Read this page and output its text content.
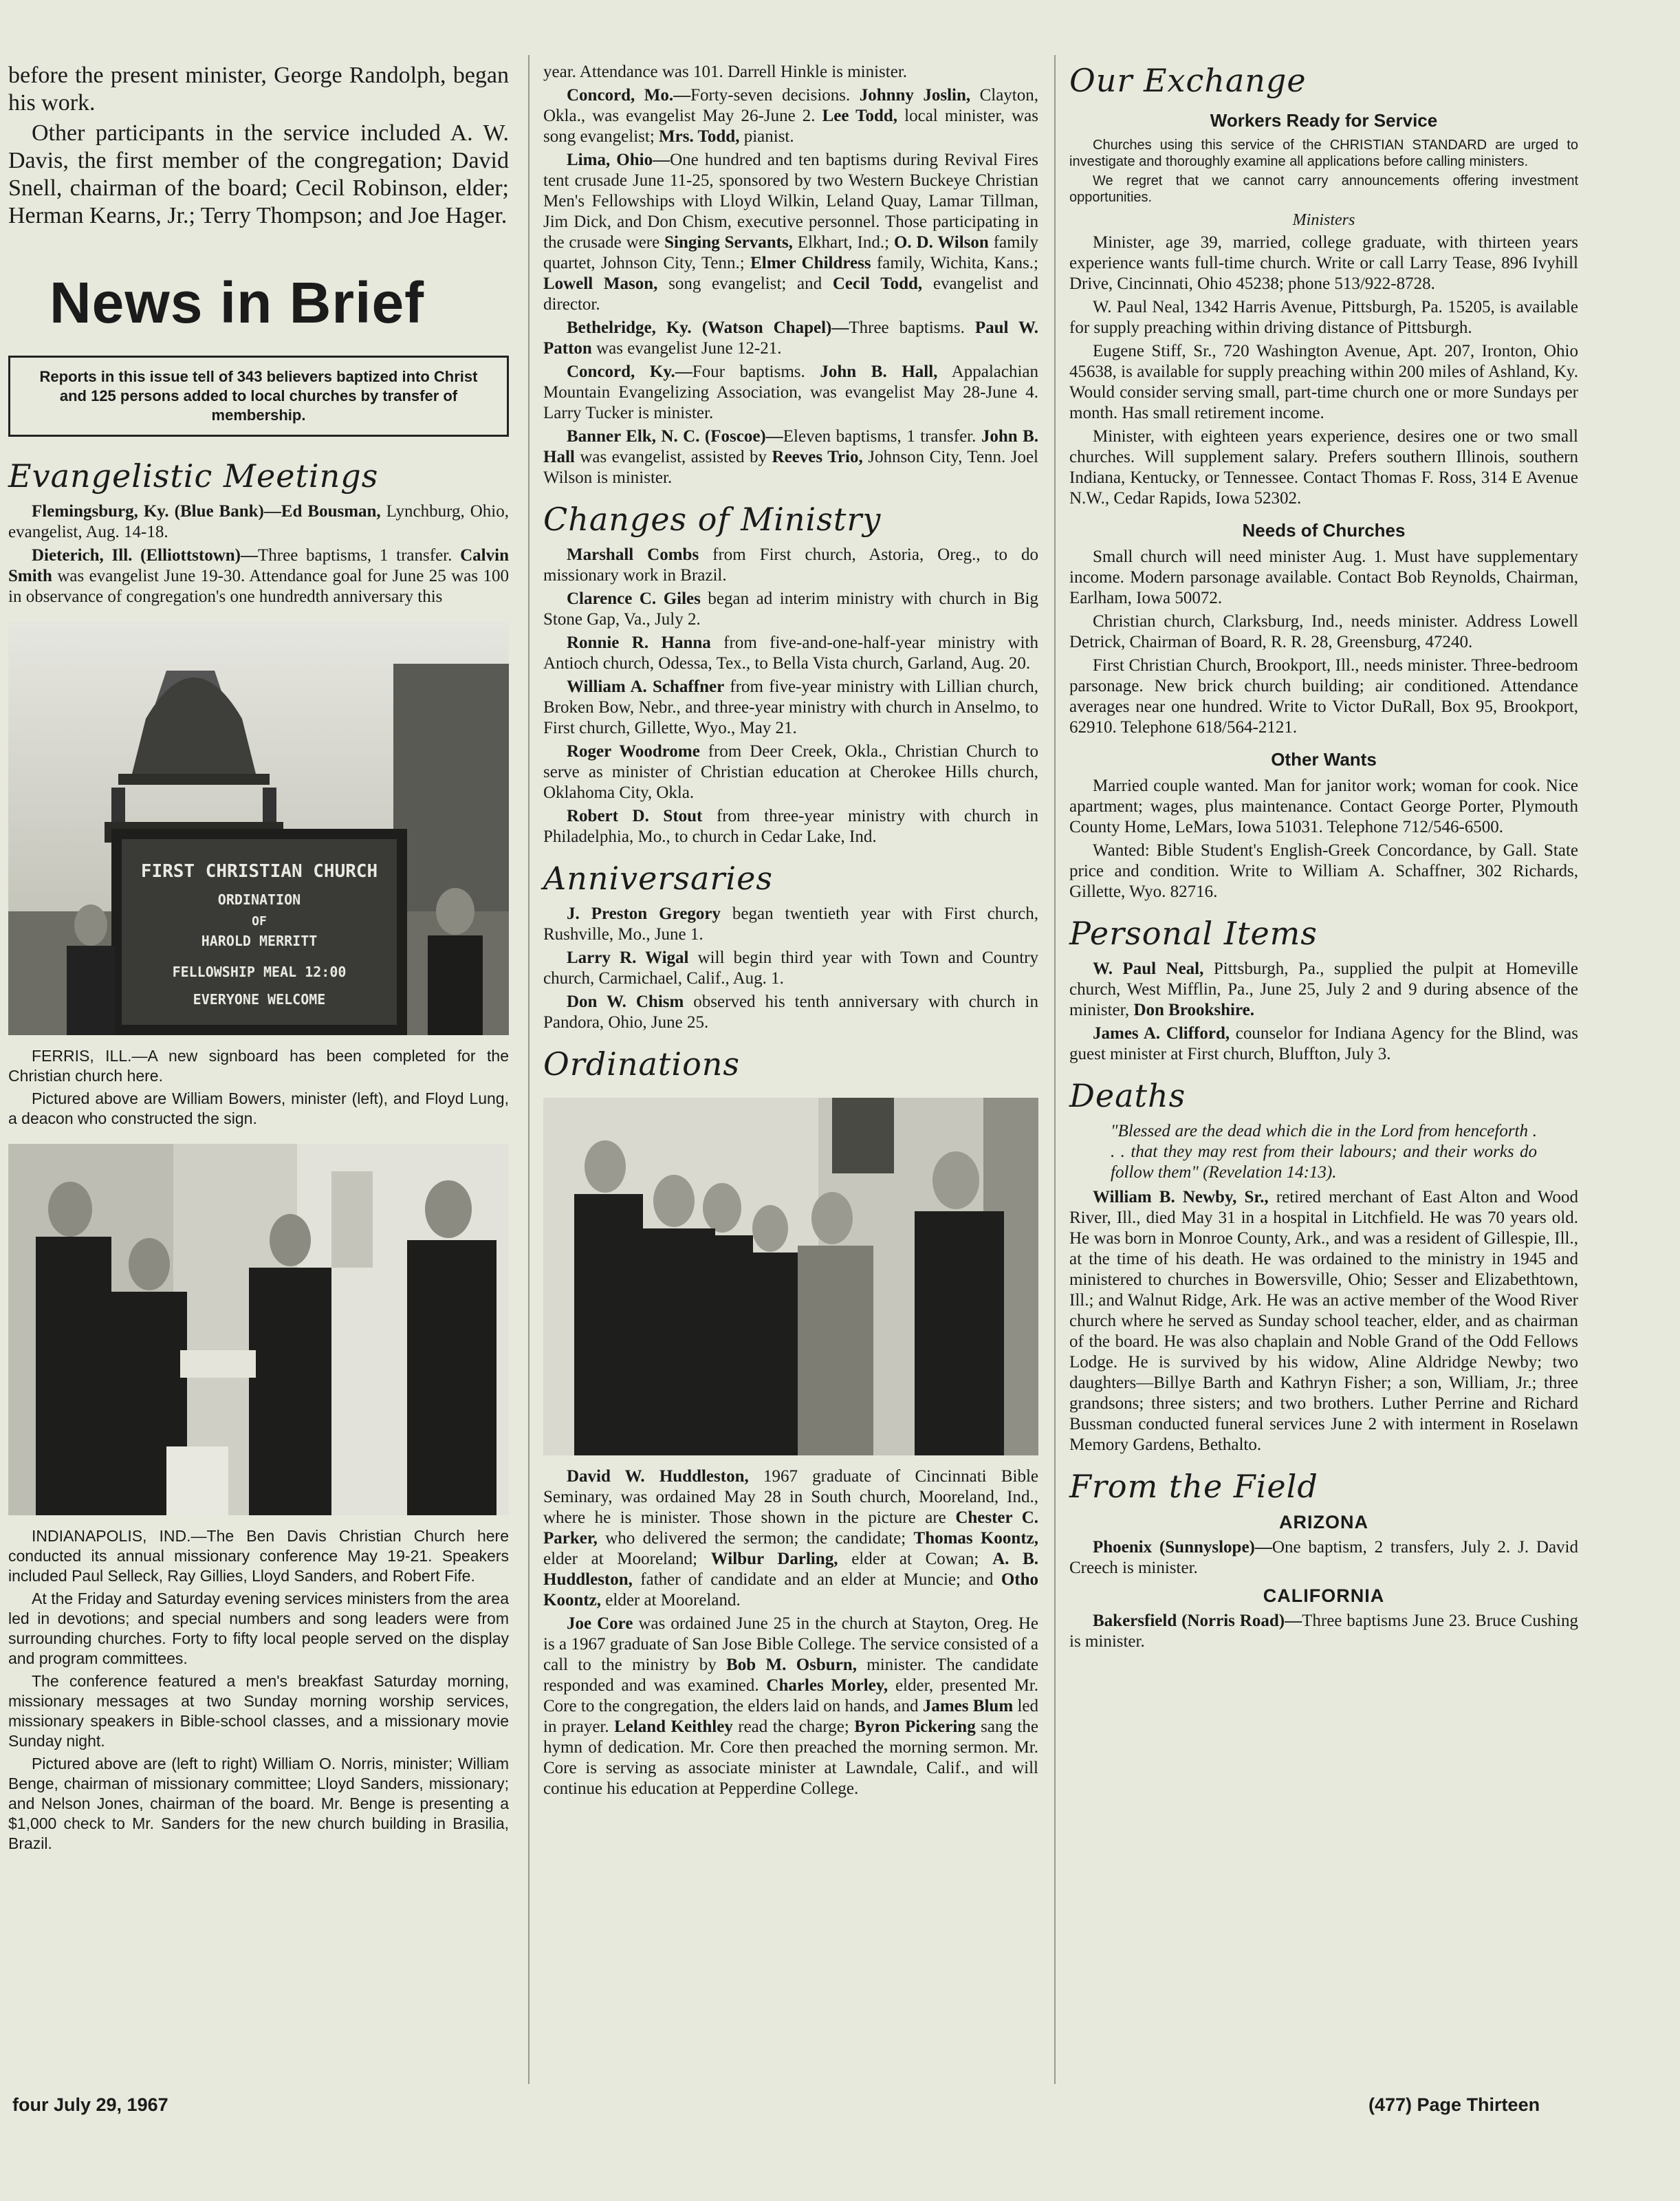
before the present minister, George Randolph, began his work.

Other participants in the service included A. W. Davis, the first member of the congregation; David Snell, chairman of the board; Cecil Robinson, elder; Herman Kearns, Jr.; Terry Thompson; and Joe Hager.

News in Brief
Reports in this issue tell of 343 believers baptized into Christ and 125 persons added to local churches by transfer of membership.
Evangelistic Meetings

Flemingsburg, Ky. (Blue Bank)—Ed Bousman, Lynchburg, Ohio, evangelist, Aug. 14-18.

Dieterich, Ill. (Elliottstown)—Three baptisms, 1 transfer. Calvin Smith was evangelist June 19-30. Attendance goal for June 25 was 100 in observance of congregation's one hundredth anniversary this

FIRST CHRISTIAN CHURCH
ORDINATION
OF
HAROLD MERRITT
FELLOWSHIP MEAL 12:00
EVERYONE WELCOME

FERRIS, ILL.—A new signboard has been completed for the Christian church here.

Pictured above are William Bowers, minister (left), and Floyd Lung, a deacon who constructed the sign.

INDIANAPOLIS, IND.—The Ben Davis Christian Church here conducted its annual missionary conference May 19-21. Speakers included Paul Selleck, Ray Gillies, Lloyd Sanders, and Robert Fife.

At the Friday and Saturday evening services ministers from the area led in devotions; and special numbers and song leaders were from surrounding churches. Forty to fifty local people served on the display and program committees.

The conference featured a men's breakfast Saturday morning, missionary messages at two Sunday morning worship services, missionary speakers in Bible-school classes, and a missionary movie Sunday night.

Pictured above are (left to right) William O. Norris, minister; William Benge, chairman of missionary committee; Lloyd Sanders, missionary; and Nelson Jones, chairman of the board. Mr. Benge is presenting a $1,000 check to Mr. Sanders for the new church building in Brasilia, Brazil.

year. Attendance was 101. Darrell Hinkle is minister.

Concord, Mo.—Forty-seven decisions. Johnny Joslin, Clayton, Okla., was evangelist May 26-June 2. Lee Todd, local minister, was song evangelist; Mrs. Todd, pianist.

Lima, Ohio—One hundred and ten baptisms during Revival Fires tent crusade June 11-25, sponsored by two Western Buckeye Christian Men's Fellowships with Lloyd Wilkin, Leland Quay, Lamar Tillman, Jim Dick, and Don Chism, executive personnel. Those participating in the crusade were Singing Servants, Elkhart, Ind.; O. D. Wilson family quartet, Johnson City, Tenn.; Elmer Childress family, Wichita, Kans.; Lowell Mason, song evangelist; and Cecil Todd, evangelist and director.

Bethelridge, Ky. (Watson Chapel)—Three baptisms. Paul W. Patton was evangelist June 12-21.

Concord, Ky.—Four baptisms. John B. Hall, Appalachian Mountain Evangelizing Association, was evangelist May 28-June 4. Larry Tucker is minister.

Banner Elk, N. C. (Foscoe)—Eleven baptisms, 1 transfer. John B. Hall was evangelist, assisted by Reeves Trio, Johnson City, Tenn. Joel Wilson is minister.

Changes of Ministry

Marshall Combs from First church, Astoria, Oreg., to do missionary work in Brazil.

Clarence C. Giles began ad interim ministry with church in Big Stone Gap, Va., July 2.

Ronnie R. Hanna from five-and-one-half-year ministry with Antioch church, Odessa, Tex., to Bella Vista church, Garland, Aug. 20.

William A. Schaffner from five-year ministry with Lillian church, Broken Bow, Nebr., and three-year ministry with church in Anselmo, to First church, Gillette, Wyo., May 21.

Roger Woodrome from Deer Creek, Okla., Christian Church to serve as minister of Christian education at Cherokee Hills church, Oklahoma City, Okla.

Robert D. Stout from three-year ministry with church in Philadelphia, Mo., to church in Cedar Lake, Ind.

Anniversaries

J. Preston Gregory began twentieth year with First church, Rushville, Mo., June 1.

Larry R. Wigal will begin third year with Town and Country church, Carmichael, Calif., Aug. 1.

Don W. Chism observed his tenth anniversary with church in Pandora, Ohio, June 25.

Ordinations

David W. Huddleston, 1967 graduate of Cincinnati Bible Seminary, was ordained May 28 in South church, Mooreland, Ind., where he is minister. Those shown in the picture are Chester C. Parker, who delivered the sermon; the candidate; Thomas Koontz, elder at Mooreland; Wilbur Darling, elder at Cowan; A. B. Huddleston, father of candidate and an elder at Muncie; and Otho Koontz, elder at Mooreland.

Joe Core was ordained June 25 in the church at Stayton, Oreg. He is a 1967 graduate of San Jose Bible College. The service consisted of a call to the ministry by Bob M. Osburn, minister. The candidate responded and was examined. Charles Morley, elder, presented Mr. Core to the congregation, the elders laid on hands, and James Blum led in prayer. Leland Keithley read the charge; Byron Pickering sang the hymn of dedication. Mr. Core then preached the morning sermon. Mr. Core is serving as associate minister at Lawndale, Calif., and will continue his education at Pepperdine College.

Our Exchange
Workers Ready for Service

Churches using this service of the CHRISTIAN STANDARD are urged to investigate and thoroughly examine all applications before calling ministers.

We regret that we cannot carry announcements offering investment opportunities.

Ministers

Minister, age 39, married, college graduate, with thirteen years experience wants full-time church. Write or call Larry Tease, 896 Ivyhill Drive, Cincinnati, Ohio 45238; phone 513/922-8728.

W. Paul Neal, 1342 Harris Avenue, Pittsburgh, Pa. 15205, is available for supply preaching within driving distance of Pittsburgh.

Eugene Stiff, Sr., 720 Washington Avenue, Apt. 207, Ironton, Ohio 45638, is available for supply preaching within 200 miles of Ashland, Ky. Would consider serving small, part-time church one or more Sundays per month. Has small retirement income.

Minister, with eighteen years experience, desires one or two small churches. Will supplement salary. Prefers southern Illinois, southern Indiana, Kentucky, or Tennessee. Contact Thomas F. Ross, 314 E Avenue N.W., Cedar Rapids, Iowa 52302.

Needs of Churches

Small church will need minister Aug. 1. Must have supplementary income. Modern parsonage available. Contact Bob Reynolds, Chairman, Earlham, Iowa 50072.

Christian church, Clarksburg, Ind., needs minister. Address Lowell Detrick, Chairman of Board, R. R. 28, Greensburg, 47240.

First Christian Church, Brookport, Ill., needs minister. Three-bedroom parsonage. New brick church building; air conditioned. Attendance averages near one hundred. Write to Victor DuRall, Box 95, Brookport, 62910. Telephone 618/564-2121.

Other Wants

Married couple wanted. Man for janitor work; woman for cook. Nice apartment; wages, plus maintenance. Contact George Porter, Plymouth County Home, LeMars, Iowa 51031. Telephone 712/546-6500.

Wanted: Bible Student's English-Greek Concordance, by Gall. State price and condition. Write to William A. Schaffner, 302 Richards, Gillette, Wyo. 82716.

Personal Items

W. Paul Neal, Pittsburgh, Pa., supplied the pulpit at Homeville church, West Mifflin, Pa., June 25, July 2 and 9 during absence of the minister, Don Brookshire.

James A. Clifford, counselor for Indiana Agency for the Blind, was guest minister at First church, Bluffton, July 3.

Deaths

"Blessed are the dead which die in the Lord from henceforth . . . that they may rest from their labours; and their works do follow them" (Revelation 14:13).

William B. Newby, Sr., retired merchant of East Alton and Wood River, Ill., died May 31 in a hospital in Litchfield. He was 70 years old. He was born in Monroe County, Ark., and was a resident of Gillespie, Ill., at the time of his death. He was ordained to the ministry in 1945 and ministered to churches in Bowersville, Ohio; Sesser and Elizabethtown, Ill.; and Walnut Ridge, Ark. He was an active member of the Wood River church where he served as Sunday school teacher, elder, and as chairman of the board. He was also chaplain and Noble Grand of the Odd Fellows Lodge. He is survived by his widow, Aline Aldridge Newby; two daughters—Billye Barth and Kathryn Fisher; a son, William, Jr.; three grandsons; three sisters; and two brothers. Luther Perrine and Richard Bussman conducted funeral services June 2 with interment in Roselawn Memory Gardens, Bethalto.

From the Field
ARIZONA

Phoenix (Sunnyslope)—One baptism, 2 transfers, July 2. J. David Creech is minister.

CALIFORNIA

Bakersfield (Norris Road)—Three baptisms June 23. Bruce Cushing is minister.

four July 29, 1967	(477) Page Thirteen
